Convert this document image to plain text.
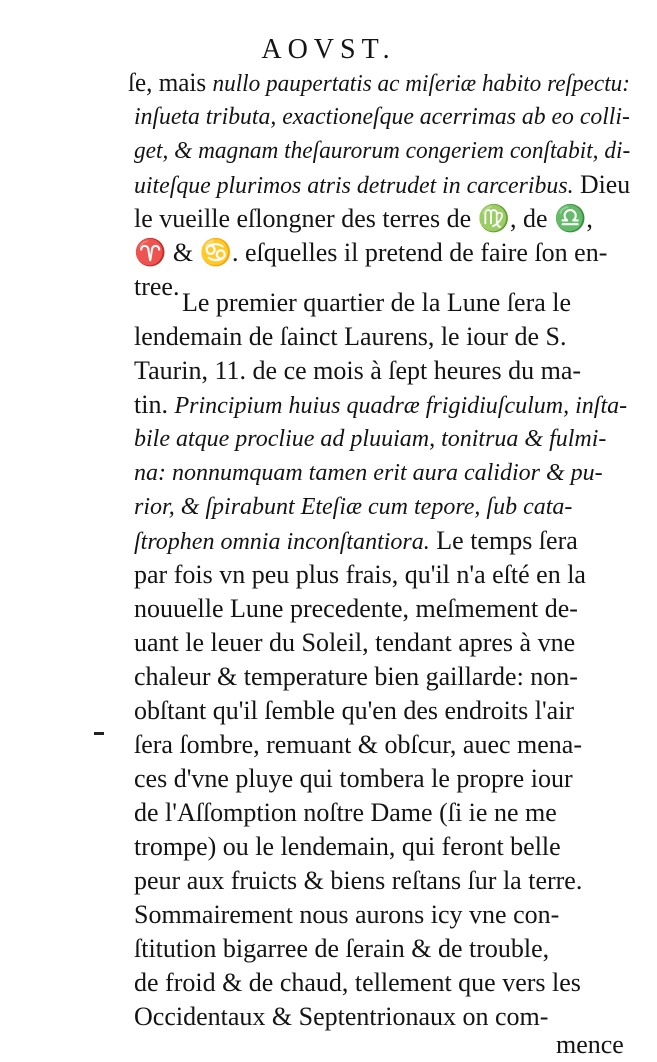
AOVST.
ſe, mais nullo paupertatis ac miſeriæ habito reſpectu:
inſueta tributa, exactioneſque acerrimas ab eo colli-
get, & magnam theſaurorum congeriem conſtabit, di-
uiteſque plurimos atris detrudet in carceribus. Dieu
le vueille eſlongner des terres de ♍, de ♎,
♈ & ♋. eſquelles il pretend de faire ſon en-
tree.
Le premier quartier de la Lune ſera le
lendemain de ſainct Laurens, le iour de S.
Taurin, 11. de ce mois à ſept heures du ma-
tin. Principium huius quadræ frigidiuſculum, inſta-
bile atque procliue ad pluuiam, tonitrua & fulmi-
na: nonnumquam tamen erit aura calidior & pu-
rior, & ſpirabunt Eteſiæ cum tepore, ſub cata-
ſtrophen omnia inconſtantiora. Le temps ſera
par fois vn peu plus frais, qu'il n'a eſté en la
nouuelle Lune precedente, meſmement de-
uant le leuer du Soleil, tendant apres à vne
chaleur & temperature bien gaillarde: non-
obſtant qu'il ſemble qu'en des endroits l'air
ſera ſombre, remuant & obſcur, auec mena-
ces d'vne pluye qui tombera le propre iour
de l'Aſſomption noſtre Dame (ſi ie ne me
trompe) ou le lendemain, qui feront belle
peur aux fruicts & biens reſtans ſur la terre.
Sommairement nous aurons icy vne con-
ſtitution bigarree de ſerain & de trouble,
de froid & de chaud, tellement que vers les
Occidentaux & Septentrionaux on com-
mence
